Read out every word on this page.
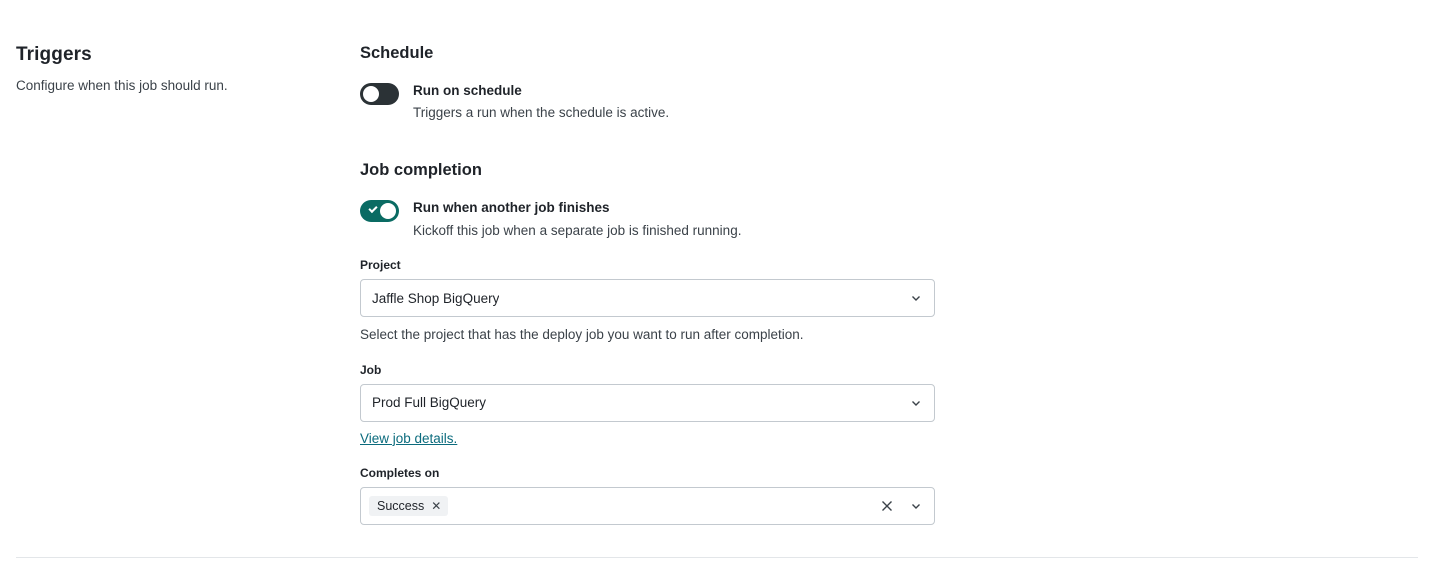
Triggers

Configure when this job should run.

Schedule
Run on schedule
Triggers a run when the schedule is active.
Job completion
Run when another job finishes
Kickoff this job when a separate job is finished running.
Project
Jaffle Shop BigQuery
Select the project that has the deploy job you want to run after completion.
Job
Prod Full BigQuery
View job details.
Completes on
Success ✕
